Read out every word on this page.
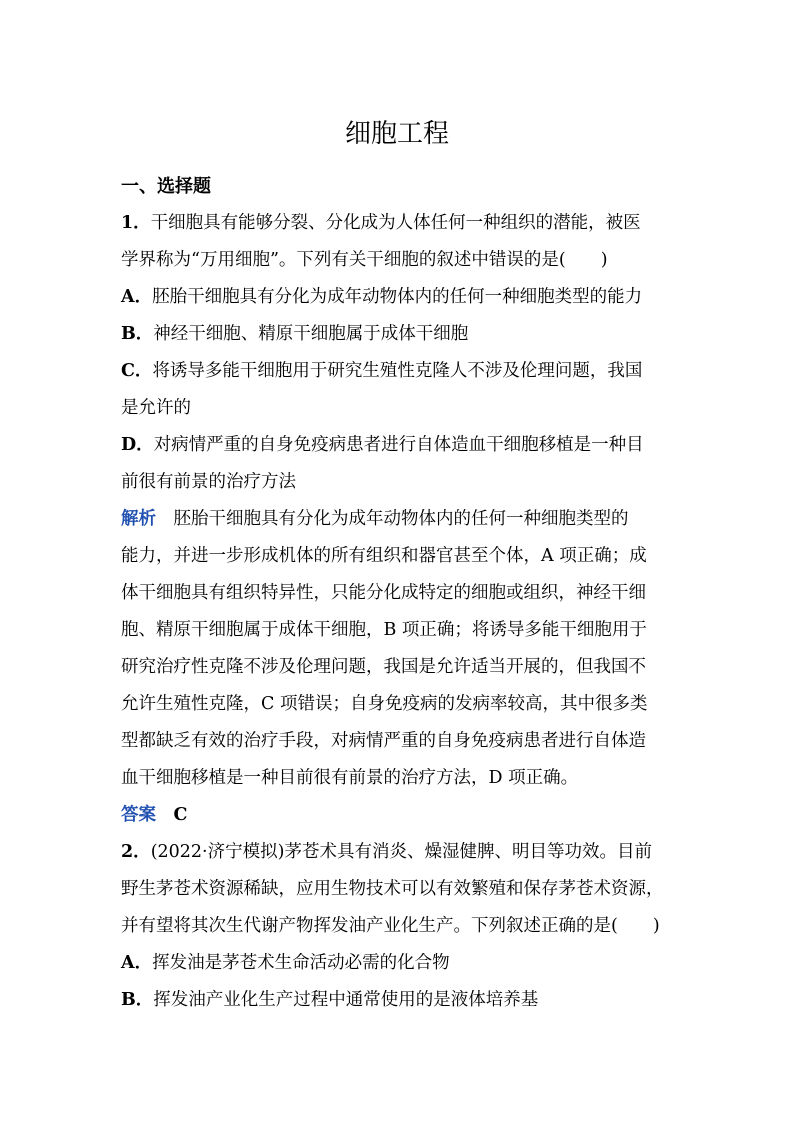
细胞工程
一、选择题
1．干细胞具有能够分裂、分化成为人体任何一种组织的潜能，被医
学界称为“万用细胞”。下列有关干细胞的叙述中错误的是(　　)
A．胚胎干细胞具有分化为成年动物体内的任何一种细胞类型的能力
B．神经干细胞、精原干细胞属于成体干细胞
C．将诱导多能干细胞用于研究生殖性克隆人不涉及伦理问题，我国
是允许的
D．对病情严重的自身免疫病患者进行自体造血干细胞移植是一种目
前很有前景的治疗方法
解析　胚胎干细胞具有分化为成年动物体内的任何一种细胞类型的
能力，并进一步形成机体的所有组织和器官甚至个体，A 项正确；成
体干细胞具有组织特异性，只能分化成特定的细胞或组织，神经干细
胞、精原干细胞属于成体干细胞，B 项正确；将诱导多能干细胞用于
研究治疗性克隆不涉及伦理问题，我国是允许适当开展的，但我国不
允许生殖性克隆，C 项错误；自身免疫病的发病率较高，其中很多类
型都缺乏有效的治疗手段，对病情严重的自身免疫病患者进行自体造
血干细胞移植是一种目前很有前景的治疗方法，D 项正确。
答案　C
2．(2022·济宁模拟)茅苍术具有消炎、燥湿健脾、明目等功效。目前
野生茅苍术资源稀缺，应用生物技术可以有效繁殖和保存茅苍术资源，
并有望将其次生代谢产物挥发油产业化生产。下列叙述正确的是(　　)
A．挥发油是茅苍术生命活动必需的化合物
B．挥发油产业化生产过程中通常使用的是液体培养基
